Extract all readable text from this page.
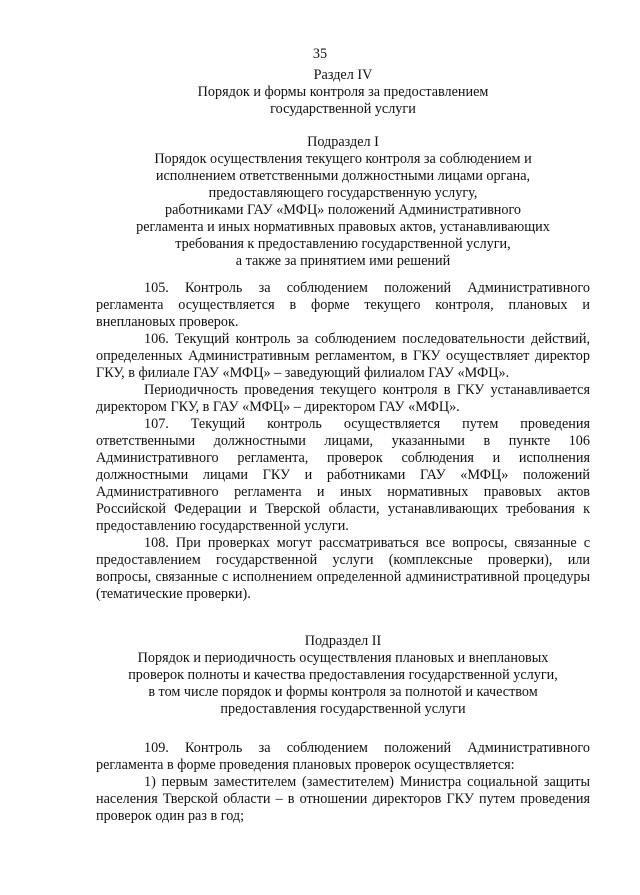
35
Раздел IV
Порядок и формы контроля за предоставлением
государственной услуги
Подраздел I
Порядок осуществления текущего контроля за соблюдением и
исполнением ответственными должностными лицами органа,
предоставляющего государственную услугу,
работниками ГАУ «МФЦ» положений Административного
регламента и иных нормативных правовых актов, устанавливающих
требования к предоставлению государственной услуги,
а также за принятием ими решений

105. Контроль за соблюдением положений Административного регламента осуществляется в форме текущего контроля, плановых и внеплановых проверок.

106. Текущий контроль за соблюдением последовательности действий, определенных Административным регламентом, в ГКУ осуществляет директор ГКУ, в филиале ГАУ «МФЦ» – заведующий филиалом ГАУ «МФЦ».

Периодичность проведения текущего контроля в ГКУ устанавливается директором ГКУ, в ГАУ «МФЦ» – директором ГАУ «МФЦ».

107. Текущий контроль осуществляется путем проведения ответственными должностными лицами, указанными в пункте 106 Административного регламента, проверок соблюдения и исполнения должностными лицами ГКУ и работниками ГАУ «МФЦ» положений Административного регламента и иных нормативных правовых актов Российской Федерации и Тверской области, устанавливающих требования к предоставлению государственной услуги.

108. При проверках могут рассматриваться все вопросы, связанные с предоставлением государственной услуги (комплексные проверки), или вопросы, связанные с исполнением определенной административной процедуры (тематические проверки).

Подраздел II
Порядок и периодичность осуществления плановых и внеплановых
проверок полноты и качества предоставления государственной услуги,
в том числе порядок и формы контроля за полнотой и качеством
предоставления государственной услуги

109. Контроль за соблюдением положений Административного регламента в форме проведения плановых проверок осуществляется:

1) первым заместителем (заместителем) Министра социальной защиты населения Тверской области – в отношении директоров ГКУ путем проведения проверок один раз в год;
